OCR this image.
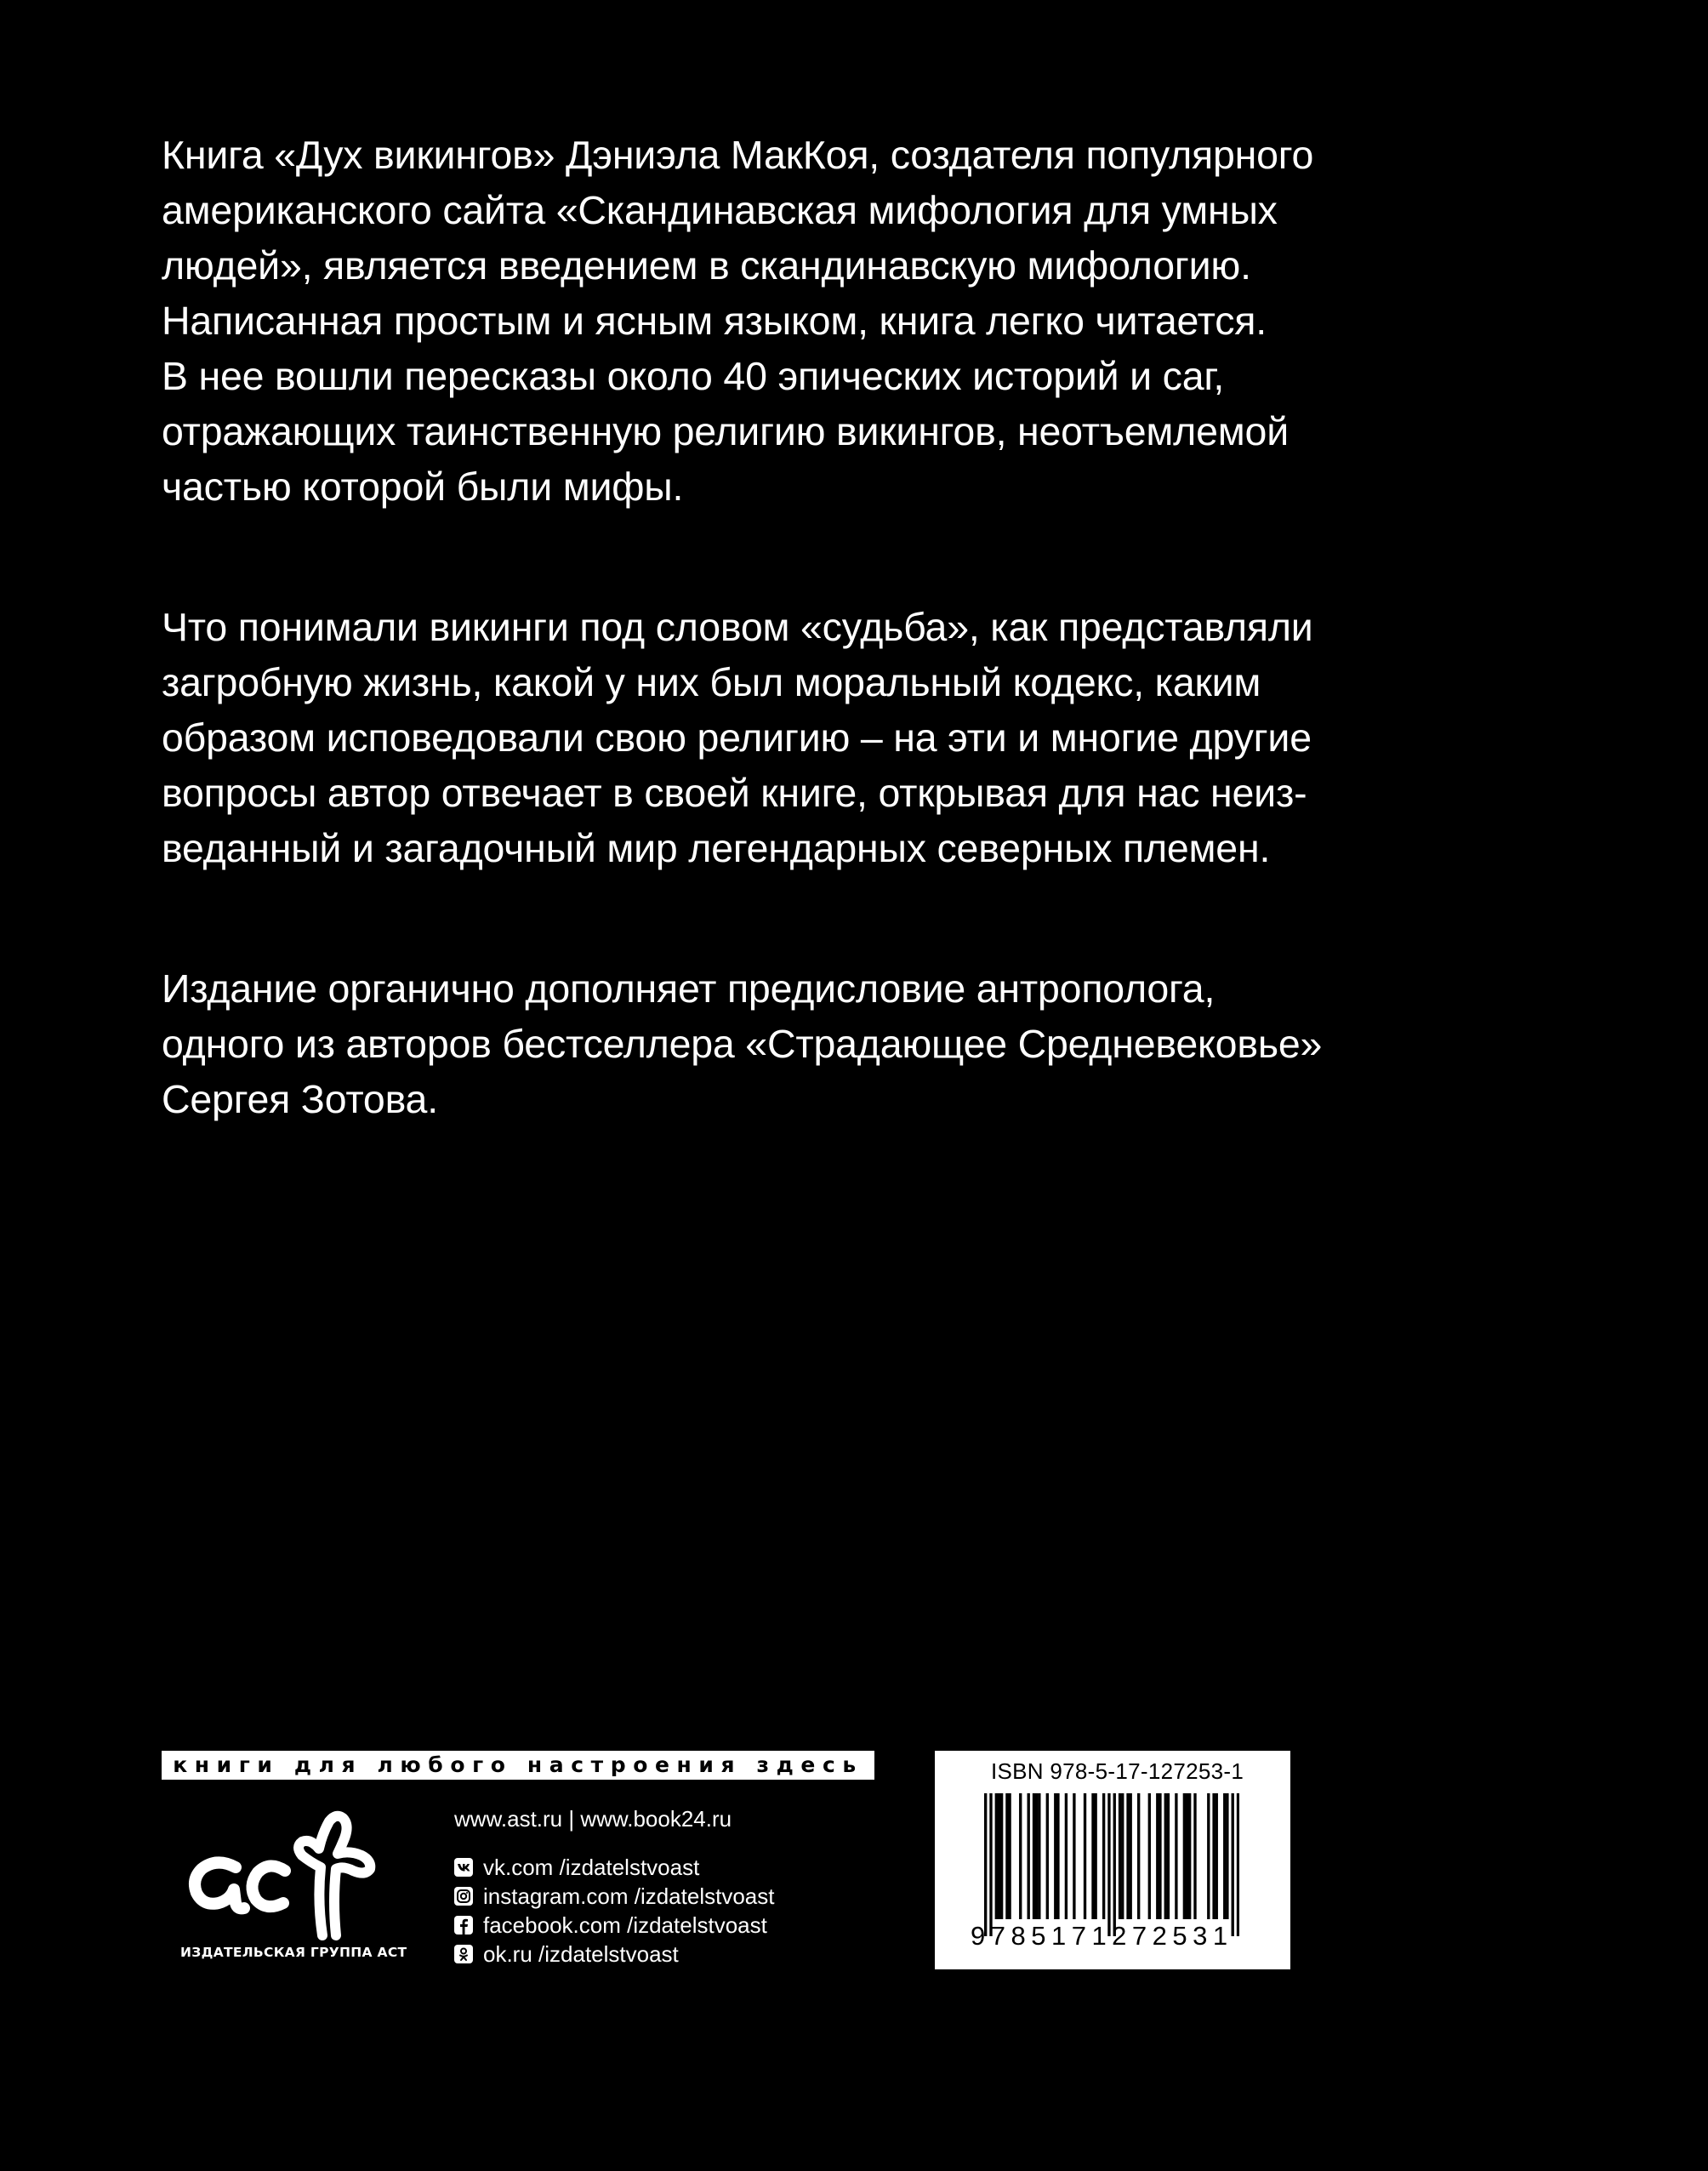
Книга «Дух викингов» Дэниэла МакКоя, создателя популярного
американского сайта «Скандинавская мифология для умных
людей», является введением в скандинавскую мифологию.
Написанная простым и ясным языком, книга легко читается.
В нее вошли пересказы около 40 эпических историй и саг,
отражающих таинственную религию викингов, неотъемлемой
частью которой были мифы.
Что понимали викинги под словом «судьба», как представляли
загробную жизнь, какой у них был моральный кодекс, каким
образом исповедовали свою религию – на эти и многие другие
вопросы автор отвечает в своей книге, открывая для нас неиз-
веданный и загадочный мир легендарных северных племен.
Издание органично дополняет предисловие антрополога,
одного из авторов бестселлера «Страдающее Средневековье»
Сергея Зотова.
книги для любого настроения здесь
ИЗДАТЕЛЬСКАЯ ГРУППА АСТ
www.ast.ru | www.book24.ru
vk.com /izdatelstvoast
instagram.com /izdatelstvoast
facebook.com /izdatelstvoast
ok.ru /izdatelstvoast
ISBN 978-5-17-127253-1
9785171272531
